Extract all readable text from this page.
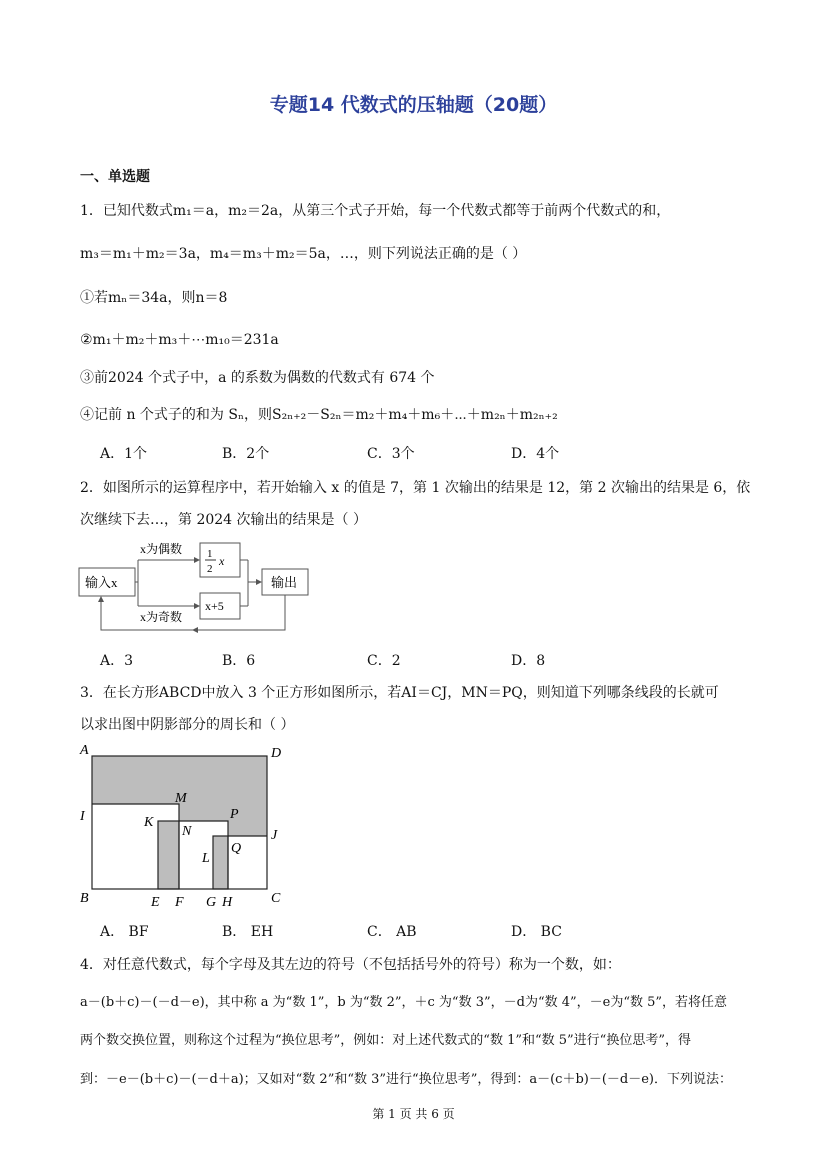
专题14 代数式的压轴题（20题）
一、单选题
1．已知代数式m₁＝a，m₂＝2a，从第三个式子开始，每一个代数式都等于前两个代数式的和，
m₃＝m₁＋m₂＝3a，m₄＝m₃＋m₂＝5a，…，则下列说法正确的是（ ）
①若mₙ＝34a，则n＝8
②m₁＋m₂＋m₃＋⋯m₁₀＝231a
③前2024 个式子中，a 的系数为偶数的代数式有 674 个
④记前 n 个式子的和为 Sₙ，则S₂ₙ₊₂－S₂ₙ＝m₂＋m₄＋m₆＋⋯＋m₂ₙ＋m₂ₙ₊₂
A．1个	B．2个	C．3个	D．4个
2．如图所示的运算程序中，若开始输入 x 的值是 7，第 1 次输出的结果是 12，第 2 次输出的结果是 6，依
次继续下去…，第 2024 次输出的结果是（ ）
输入x
x为偶数
x为奇数
1
2
x
x+5
输出
A．3	B．6	C．2	D．8
3．在长方形ABCD中放入 3 个正方形如图所示，若AI＝CJ，MN＝PQ，则知道下列哪条线段的长就可
以求出图中阴影部分的周长和（ ）
A	D
M
I	K
N
P
J
Q
L
B	E F G H	C
A． BF	B． EH	C． AB	D． BC
4．对任意代数式，每个字母及其左边的符号（不包括括号外的符号）称为一个数，如：
a－(b＋c)－(－d－e)，其中称 a 为“数 1”，b 为“数 2”，＋c 为“数 3”，－d为“数 4”，－e为“数 5”，若将任意
两个数交换位置，则称这个过程为“换位思考”，例如：对上述代数式的“数 1”和“数 5”进行“换位思考”，得
到：－e－(b＋c)－(－d＋a)；又如对“数 2”和“数 3”进行“换位思考”，得到：a－(c＋b)－(－d－e)．下列说法：
第 1 页 共 6 页
